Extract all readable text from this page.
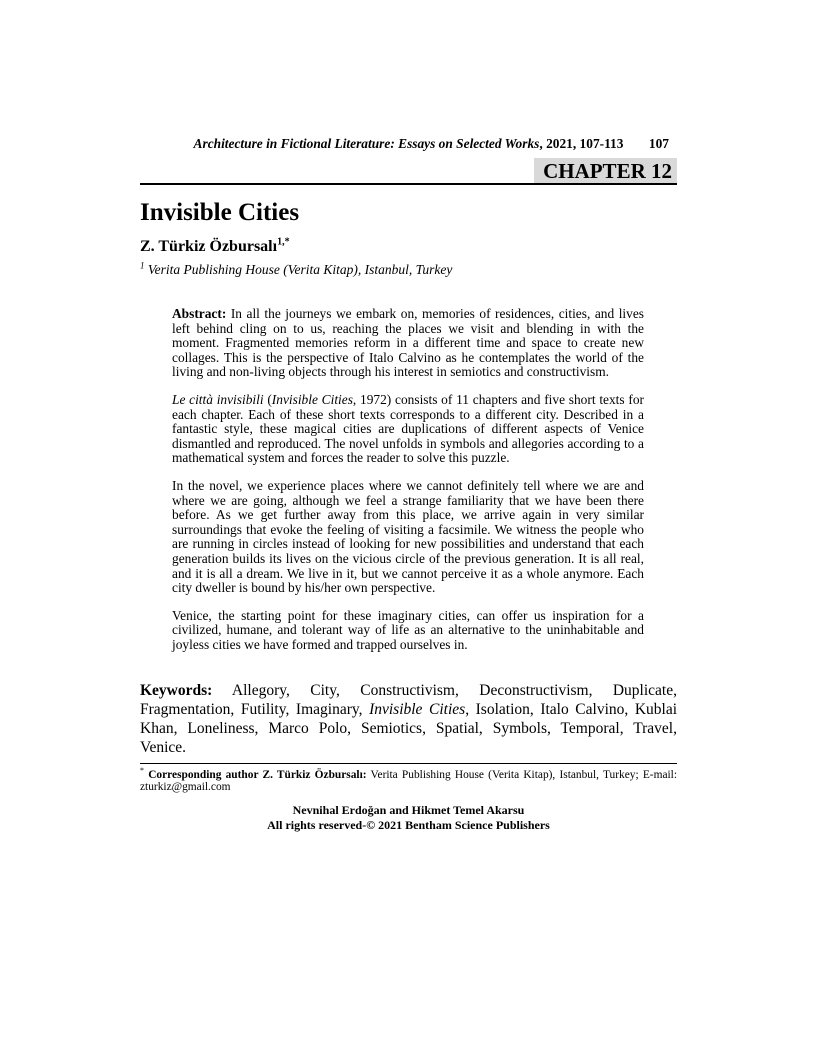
Architecture in Fictional Literature: Essays on Selected Works, 2021, 107-113 107
CHAPTER 12
Invisible Cities
Z. Türkiz Özbursalı$^{1,*}$
$^1$ Verita Publishing House (Verita Kitap), Istanbul, Turkey

Abstract: In all the journeys we embark on, memories of residences, cities, and lives left behind cling on to us, reaching the places we visit and blending in with the moment. Fragmented memories reform in a different time and space to create new collages. This is the perspective of Italo Calvino as he contemplates the world of the living and non-living objects through his interest in semiotics and constructivism.

Le città invisibili (Invisible Cities, 1972) consists of 11 chapters and five short texts for each chapter. Each of these short texts corresponds to a different city. Described in a fantastic style, these magical cities are duplications of different aspects of Venice dismantled and reproduced. The novel unfolds in symbols and allegories according to a mathematical system and forces the reader to solve this puzzle.

In the novel, we experience places where we cannot definitely tell where we are and where we are going, although we feel a strange familiarity that we have been there before. As we get further away from this place, we arrive again in very similar surroundings that evoke the feeling of visiting a facsimile. We witness the people who are running in circles instead of looking for new possibilities and understand that each generation builds its lives on the vicious circle of the previous generation. It is all real, and it is all a dream. We live in it, but we cannot perceive it as a whole anymore. Each city dweller is bound by his/her own perspective.

Venice, the starting point for these imaginary cities, can offer us inspiration for a civilized, humane, and tolerant way of life as an alternative to the uninhabitable and joyless cities we have formed and trapped ourselves in.

Keywords: Allegory, City, Constructivism, Deconstructivism, Duplicate, Fragmentation, Futility, Imaginary, Invisible Cities, Isolation, Italo Calvino, Kublai Khan, Loneliness, Marco Polo, Semiotics, Spatial, Symbols, Temporal, Travel, Venice.
* Corresponding author Z. Türkiz Özbursalı: Verita Publishing House (Verita Kitap), Istanbul, Turkey; E-mail: zturkiz@gmail.com
Nevnihal Erdoğan and Hikmet Temel Akarsu
All rights reserved-© 2021 Bentham Science Publishers
